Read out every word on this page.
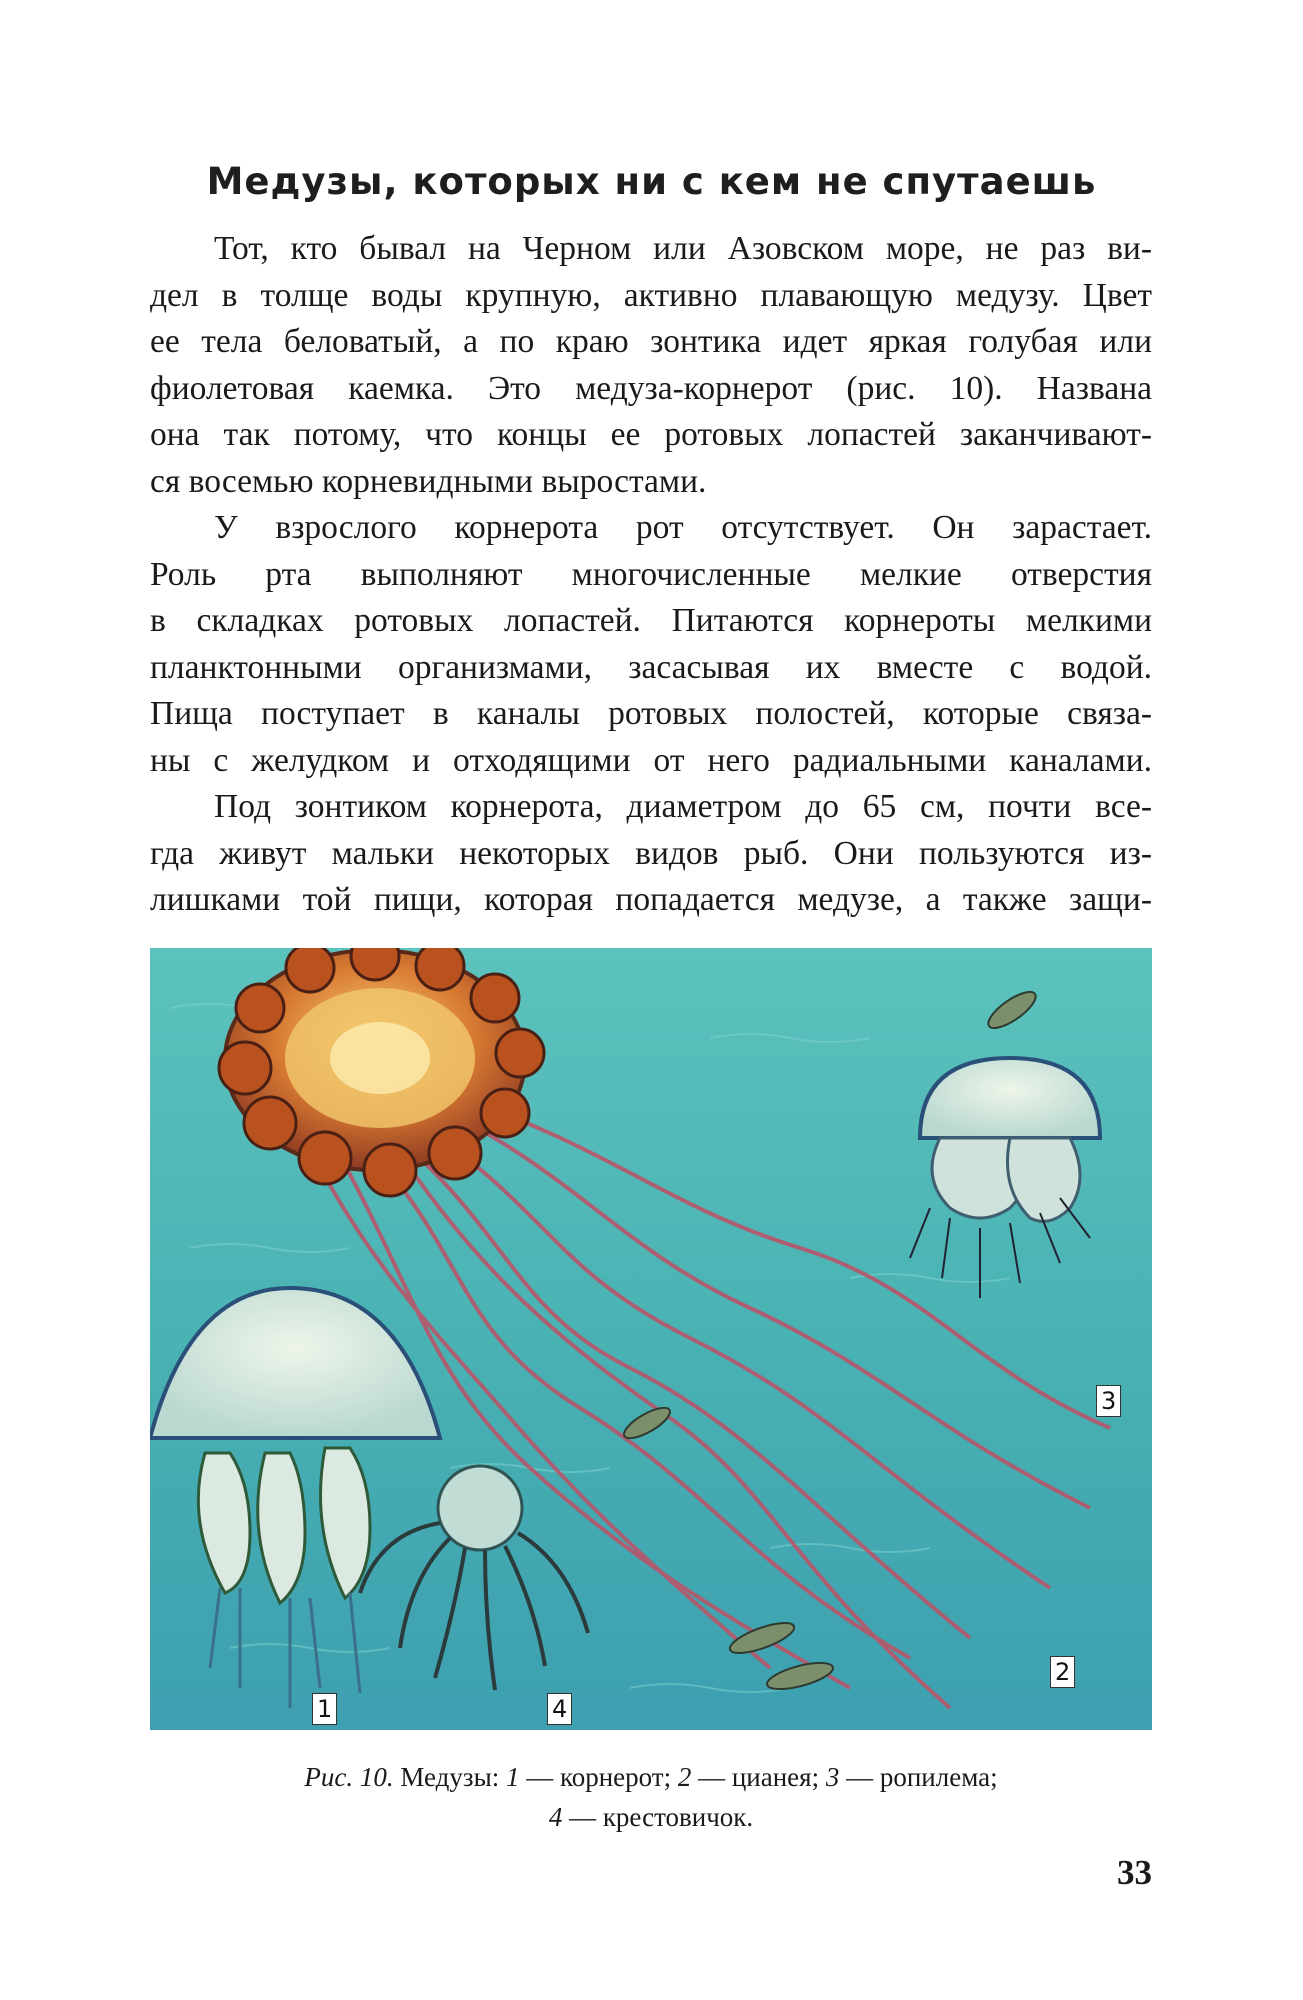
Медузы, которых ни с кем не спутаешь

Тот, кто бывал на Черном или Азовском море, не раз ви-
дел в толще воды крупную, активно плавающую медузу. Цвет
ее тела беловатый, а по краю зонтика идет яркая голубая или
фиолетовая каемка. Это медуза-корнерот (рис. 10). Названа
она так потому, что концы ее ротовых лопастей заканчивают-
ся восемью корневидными выростами.

У взрослого корнерота рот отсутствует. Он зарастает.
Роль рта выполняют многочисленные мелкие отверстия
в складках ротовых лопастей. Питаются корнероты мелкими
планктонными организмами, засасывая их вместе с водой.
Пища поступает в каналы ротовых полостей, которые связа-
ны с желудком и отходящими от него радиальными каналами.

Под зонтиком корнерота, диаметром до 65 см, почти все-
гда живут мальки некоторых видов рыб. Они пользуются из-
лишками той пищи, которая попадается медузе, а также защи-

1
2
3
4
Рис. 10. Медузы: 1 — корнерот; 2 — цианея; 3 — ропилема;
4 — крестовичок.
33
